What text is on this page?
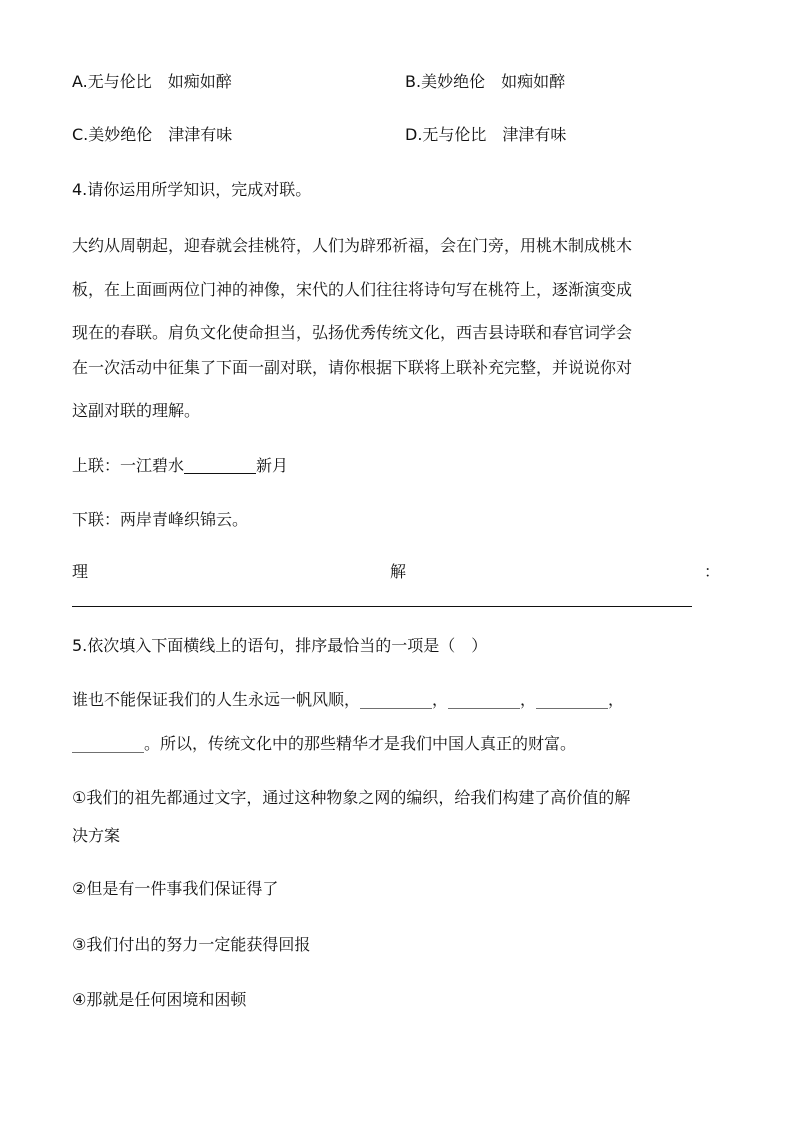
A.无与伦比　如痴如醉	B.美妙绝伦　如痴如醉
C.美妙绝伦　津津有味	D.无与伦比　津津有味
4.请你运用所学知识，完成对联。
大约从周朝起，迎春就会挂桃符，人们为辟邪祈福，会在门旁，用桃木制成桃木
板，在上面画两位门神的神像，宋代的人们往往将诗句写在桃符上，逐渐演变成
现在的春联。肩负文化使命担当，弘扬优秀传统文化，西吉县诗联和春官词学会
在一次活动中征集了下面一副对联，请你根据下联将上联补充完整，并说说你对
这副对联的理解。
上联：一江碧水	新月
下联：两岸青峰织锦云。
理	解	：
5.依次填入下面横线上的语句，排序最恰当的一项是（　）
谁也不能保证我们的人生永远一帆风顺，_________，_________，_________，
_________。所以，传统文化中的那些精华才是我们中国人真正的财富。
①我们的祖先都通过文字，通过这种物象之网的编织，给我们构建了高价值的解
决方案
②但是有一件事我们保证得了
③我们付出的努力一定能获得回报
④那就是任何困境和困顿
